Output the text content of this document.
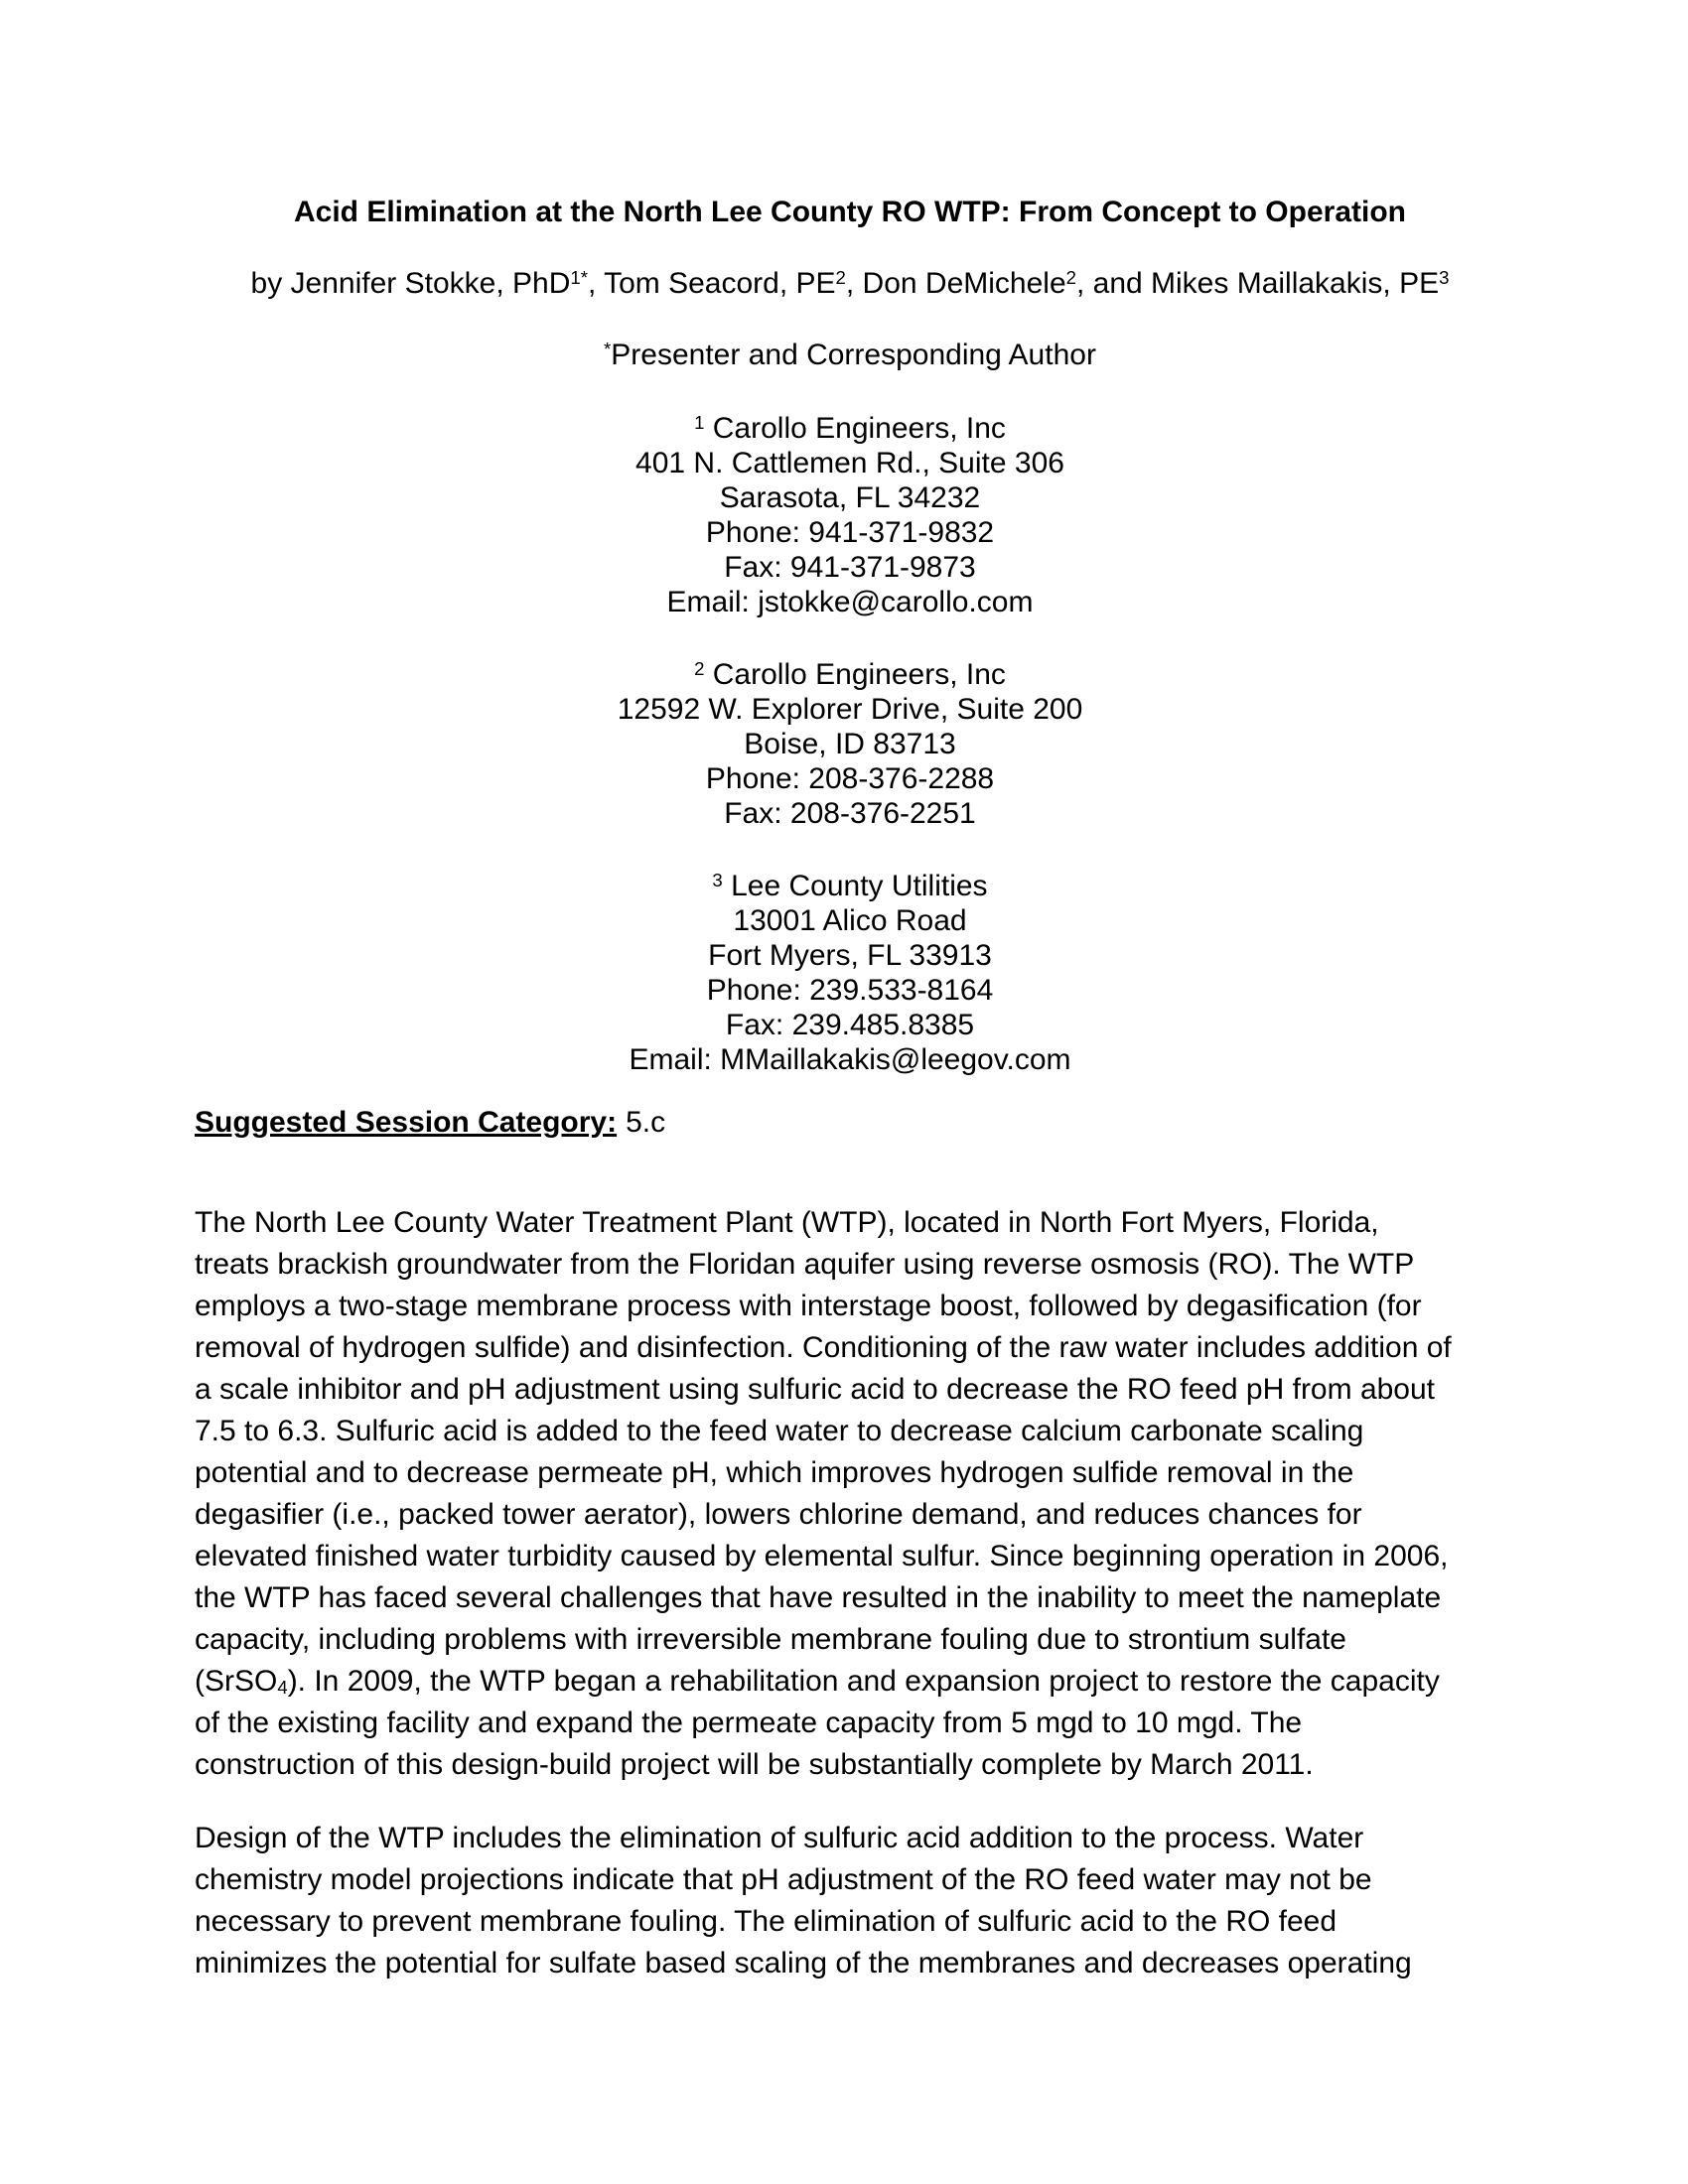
Acid Elimination at the North Lee County RO WTP: From Concept to Operation
by Jennifer Stokke, PhD$^{1*}$, Tom Seacord, $PE^2$, Don DeMichele$^2$, and Mikes Maillakakis, $PE^3$
*Presenter and Corresponding Author
$^1$ Carollo Engineers, Inc
401 N. Cattlemen Rd., Suite 306
Sarasota, FL 34232
Phone: 941-371-9832
Fax: 941-371-9873
Email: jstokke@carollo.com
$^2$ Carollo Engineers, Inc
12592 W. Explorer Drive, Suite 200
Boise, ID 83713
Phone: 208-376-2288
Fax: 208-376-2251
$^3$ Lee County Utilities
13001 Alico Road
Fort Myers, FL 33913
Phone: 239.533-8164
Fax: 239.485.8385
Email: MMaillakakis@leegov.com
Suggested Session Category: 5.c
The North Lee County Water Treatment Plant (WTP), located in North Fort Myers, Florida,
treats brackish groundwater from the Floridan aquifer using reverse osmosis (RO). The WTP
employs a two-stage membrane process with interstage boost, followed by degasification (for
removal of hydrogen sulfide) and disinfection. Conditioning of the raw water includes addition of
a scale inhibitor and pH adjustment using sulfuric acid to decrease the RO feed pH from about
7.5 to 6.3. Sulfuric acid is added to the feed water to decrease calcium carbonate scaling
potential and to decrease permeate pH, which improves hydrogen sulfide removal in the
degasifier (i.e., packed tower aerator), lowers chlorine demand, and reduces chances for
elevated finished water turbidity caused by elemental sulfur. Since beginning operation in 2006,
the WTP has faced several challenges that have resulted in the inability to meet the nameplate
capacity, including problems with irreversible membrane fouling due to strontium sulfate
(SrSO$_4$). In 2009, the WTP began a rehabilitation and expansion project to restore the capacity
of the existing facility and expand the permeate capacity from 5 mgd to 10 mgd. The
construction of this design-build project will be substantially complete by March 2011.
Design of the WTP includes the elimination of sulfuric acid addition to the process. Water
chemistry model projections indicate that pH adjustment of the RO feed water may not be
necessary to prevent membrane fouling. The elimination of sulfuric acid to the RO feed
minimizes the potential for sulfate based scaling of the membranes and decreases operating
